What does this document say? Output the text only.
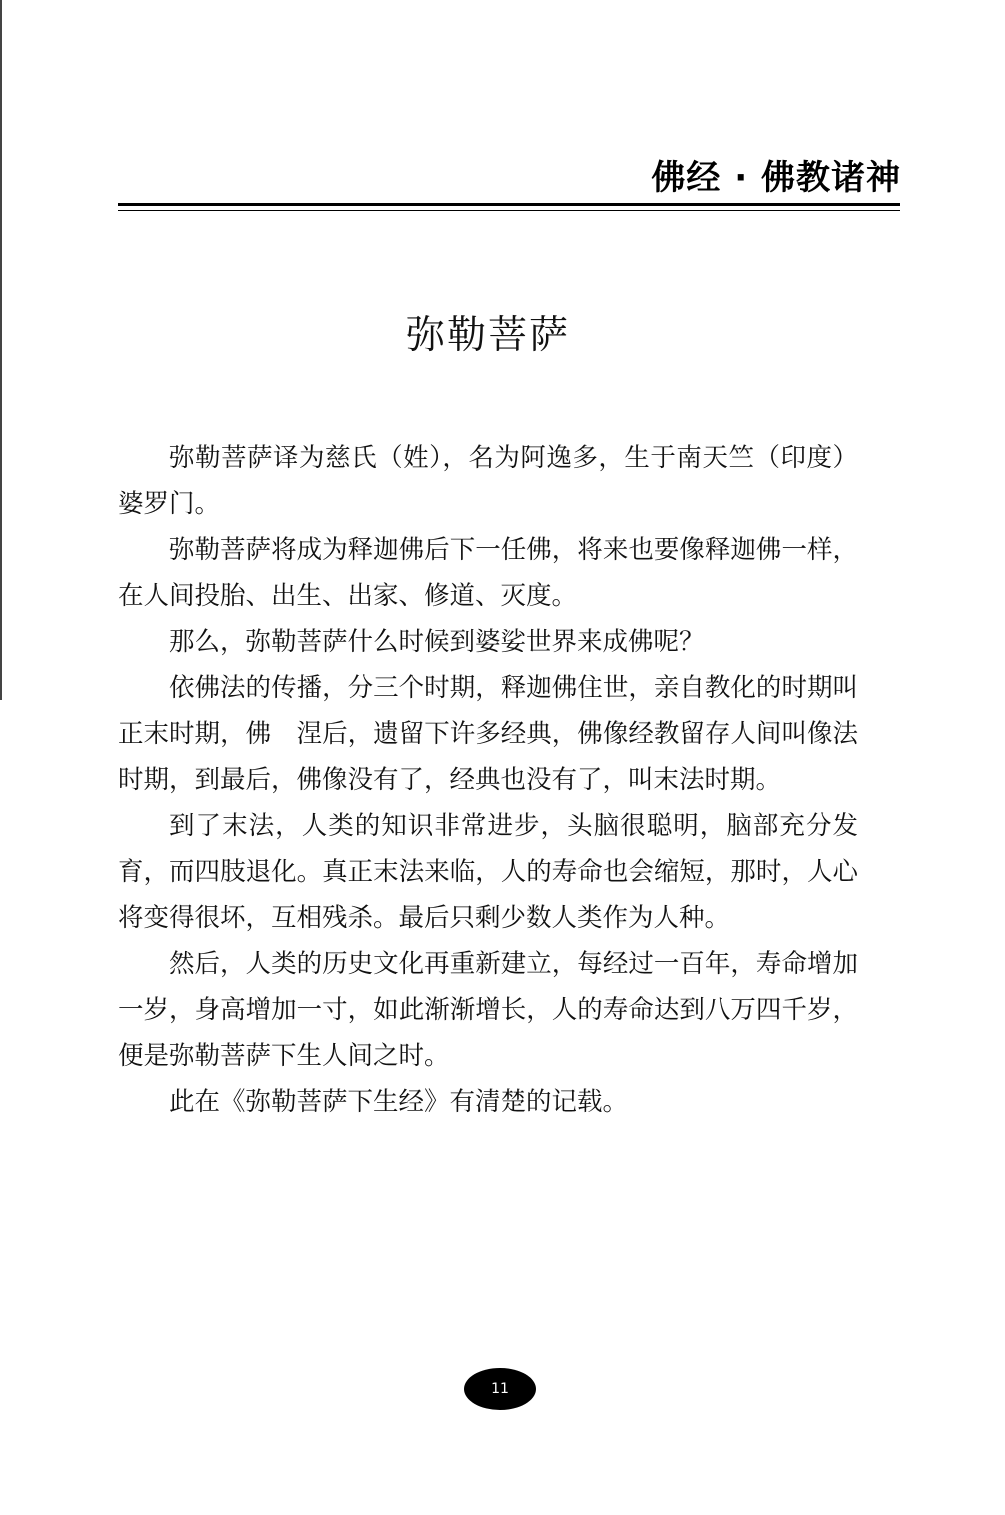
佛经 · 佛教诸神
弥勒菩萨

弥勒菩萨译为慈氏（姓），名为阿逸多，生于南天竺（印度）婆罗门。

弥勒菩萨将成为释迦佛后下一任佛，将来也要像释迦佛一样，在人间投胎、出生、出家、修道、灭度。

那么，弥勒菩萨什么时候到婆娑世界来成佛呢？

依佛法的传播，分三个时期，释迦佛住世，亲自教化的时期叫正末时期，佛　涅后，遗留下许多经典，佛像经教留存人间叫像法时期，到最后，佛像没有了，经典也没有了，叫末法时期。

到了末法，人类的知识非常进步，头脑很聪明，脑部充分发育，而四肢退化。真正末法来临，人的寿命也会缩短，那时，人心将变得很坏，互相残杀。最后只剩少数人类作为人种。

然后，人类的历史文化再重新建立，每经过一百年，寿命增加一岁，身高增加一寸，如此渐渐增长，人的寿命达到八万四千岁，便是弥勒菩萨下生人间之时。

此在《弥勒菩萨下生经》有清楚的记载。

11
